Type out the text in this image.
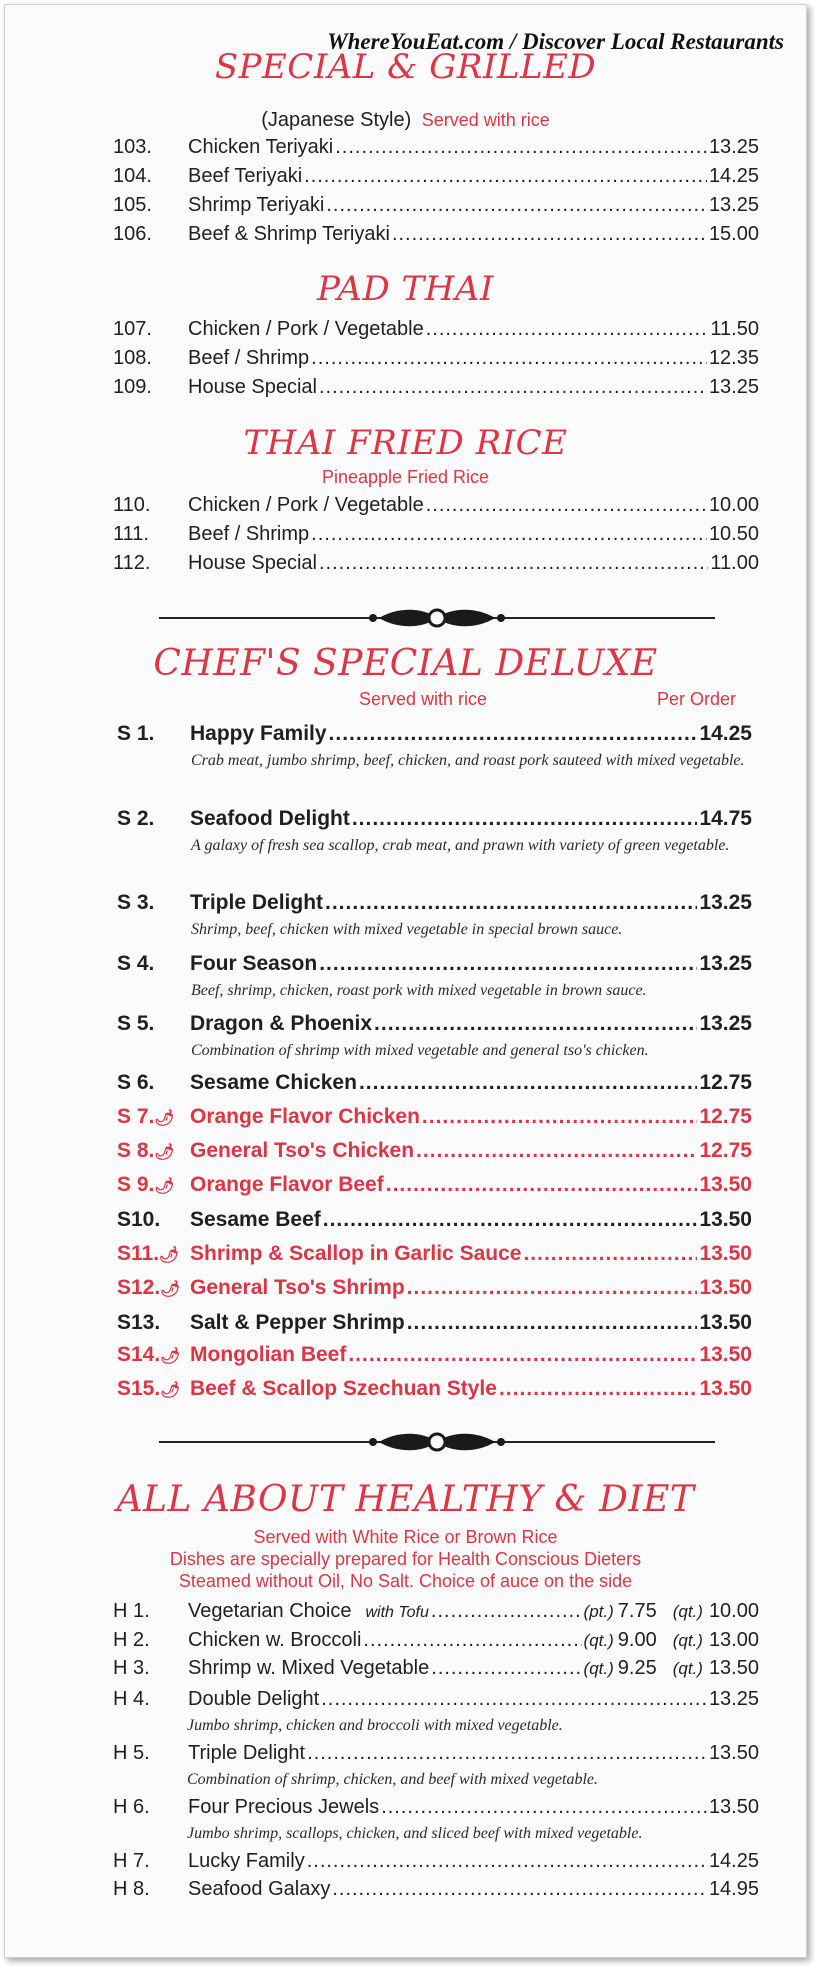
WhereYouEat.com / Discover Local Restaurants
SPECIAL & GRILLED
(Japanese Style) Served with rice
103.	Chicken Teriyaki .....	13.25
104.	Beef Teriyaki .....	14.25
105.	Shrimp Teriyaki .....	13.25
106.	Beef & Shrimp Teriyaki .....	15.00
PAD THAI
107.	Chicken / Pork / Vegetable .....	11.50
108.	Beef / Shrimp .....	12.35
109.	House Special .....	13.25
THAI FRIED RICE
Pineapple Fried Rice
110.	Chicken / Pork / Vegetable .....	10.00
111.	Beef / Shrimp .....	10.50
112.	House Special .....	11.00
CHEF'S SPECIAL DELUXE
Served with rice	Per Order
S 1.	Happy Family .....	14.25
Crab meat, jumbo shrimp, beef, chicken, and roast pork sauteed with mixed vegetable.
S 2.	Seafood Delight .....	14.75
A galaxy of fresh sea scallop, crab meat, and prawn with variety of green vegetable.
S 3.	Triple Delight .....	13.25
Shrimp, beef, chicken with mixed vegetable in special brown sauce.
S 4.	Four Season .....	13.25
Beef, shrimp, chicken, roast pork with mixed vegetable in brown sauce.
S 5.	Dragon & Phoenix .....	13.25
Combination of shrimp with mixed vegetable and general tso's chicken.
S 6.	Sesame Chicken .....	12.75
S 7.🌶︎ Orange Flavor Chicken .....	12.75
S 8.🌶︎ General Tso's Chicken .....	12.75
S 9.🌶︎ Orange Flavor Beef .....	13.50
S10.	Sesame Beef .....	13.50
S11.🌶︎ Shrimp & Scallop in Garlic Sauce .....	13.50
S12.🌶︎ General Tso's Shrimp .....	13.50
S13.	Salt & Pepper Shrimp .....	13.50
S14.🌶︎ Mongolian Beef .....	13.50
S15.🌶︎ Beef & Scallop Szechuan Style .....	13.50
ALL ABOUT HEALTHY & DIET
Served with White Rice or Brown Rice
Dishes are specially prepared for Health Conscious Dieters
Steamed without Oil, No Salt. Choice of auce on the side
H 1.	Vegetarian Choice with Tofu .....	(pt.) 7.75 (qt.) 10.00
H 2.	Chicken w. Broccoli .....	(qt.) 9.00 (qt.) 13.00
H 3.	Shrimp w. Mixed Vegetable .....	(qt.) 9.25 (qt.) 13.50
H 4.	Double Delight .....	13.25
Jumbo shrimp, chicken and broccoli with mixed vegetable.
H 5.	Triple Delight .....	13.50
Combination of shrimp, chicken, and beef with mixed vegetable.
H 6.	Four Precious Jewels .....	13.50
Jumbo shrimp, scallops, chicken, and sliced beef with mixed vegetable.
H 7.	Lucky Family .....	14.25
H 8.	Seafood Galaxy .....	14.95
